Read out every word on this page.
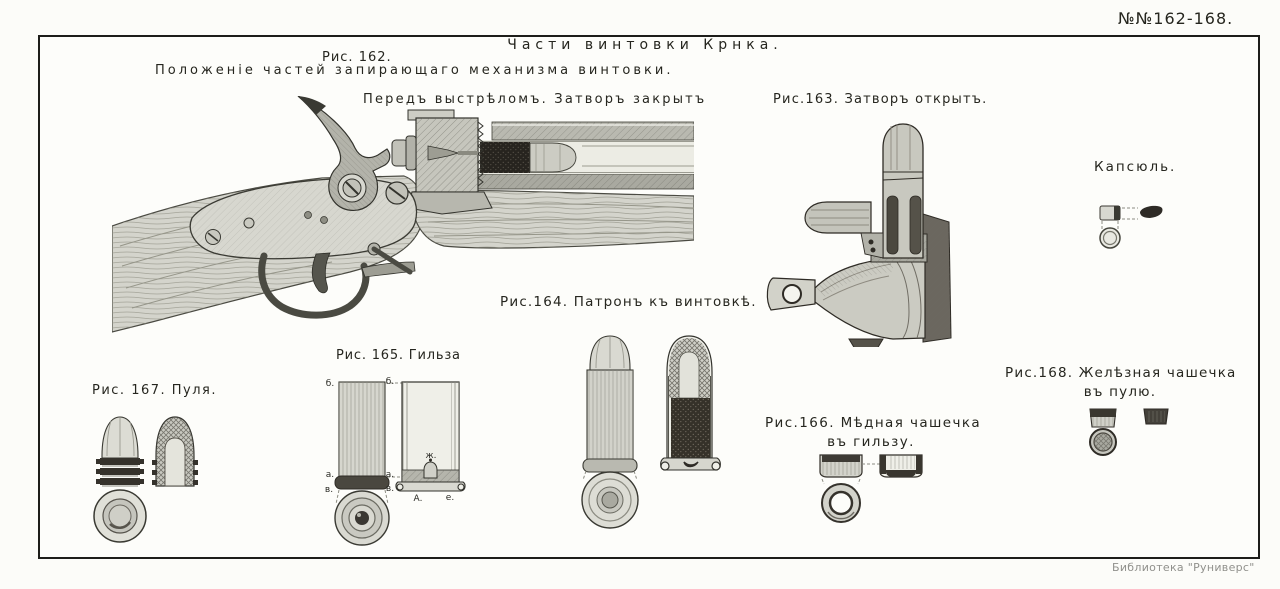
№№162-168.
Части винтовки Крнка.
Рис. 162.
Положеніе частей запирающаго механизма винтовки.
Передъ выстрѣломъ. Затворъ закрытъ	Рис.163. Затворъ открытъ.
Капсюль.
Рис.164. Патронъ къ винтовкѣ.
Рис. 165. Гильза
Рис. 167. Пуля.
Рис.166. Мѣдная чашечка
въ гильзу.
Рис.168. Желѣзная чашечка
въ пулю.
Библиотека "Руниверс"
б.	б.
а.	а.
в.	в.
ж.
А.	е.
